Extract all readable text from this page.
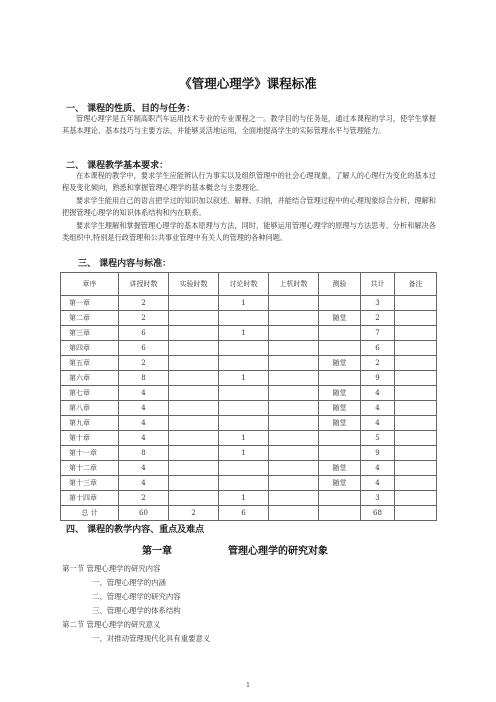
《管理心理学》课程标准
一、 课程的性质、目的与任务：
管理心理学是五年制高职汽车运用技术专业的专业课程之一。教学目的与任务是，通过本课程的学习，使学生掌握其基本理论、基本技巧与主要方法，并能够灵活地运用，全面地提高学生的实际管理水平与管理能力。
二、 课程教学基本要求：
在本课程的教学中，要求学生应能辨认行为事实以及组织管理中的社会心理现象，了解人的心理行为变化的基本过程及变化倾向，熟悉和掌握管理心理学的基本概念与主要理论。
要求学生能用自己的语言把学过的知识加以叙述、解释、归纳，并能结合管理过程中的心理现象综合分析，理解和把握管理心理学的知识体系结构和内在联系。
要求学生理解和掌握管理心理学的基本原理与方法，同时，能够运用管理心理学的原理与方法思考、分析和解决各类组织中,特别是行政管理和公共事业管理中有关人的管理的各种问题。
章序	讲授时数	实验时数	讨论时数	上机时数	测验	共计	备注
第一章	2		1			3	
第二章	2				随堂	2	
第三章	6		1			7	
第四章	6					6	
第五章	2				随堂	2	
第六章	8		1			9	
第七章	4				随堂	4	
第八章	4				随堂	4	
第九章	4				随堂	4	
第十章	4		1			5	
第十一章	8		1			9	
第十二章	4				随堂	4	
第十三章	4				随堂	4	
第十四章	2		1			3	
总 计	60	2	6			68	
四、 课程的教学内容、重点及难点
第一章	管理心理学的研究对象
第一节 管理心理学的研究内容
一、管理心理学的内涵
二、管理心理学的研究内容
三、管理心理学的体系结构
第二节 管理心理学的研究意义
一、对推动管理现代化具有重要意义
1
三、 课程内容与标准：
